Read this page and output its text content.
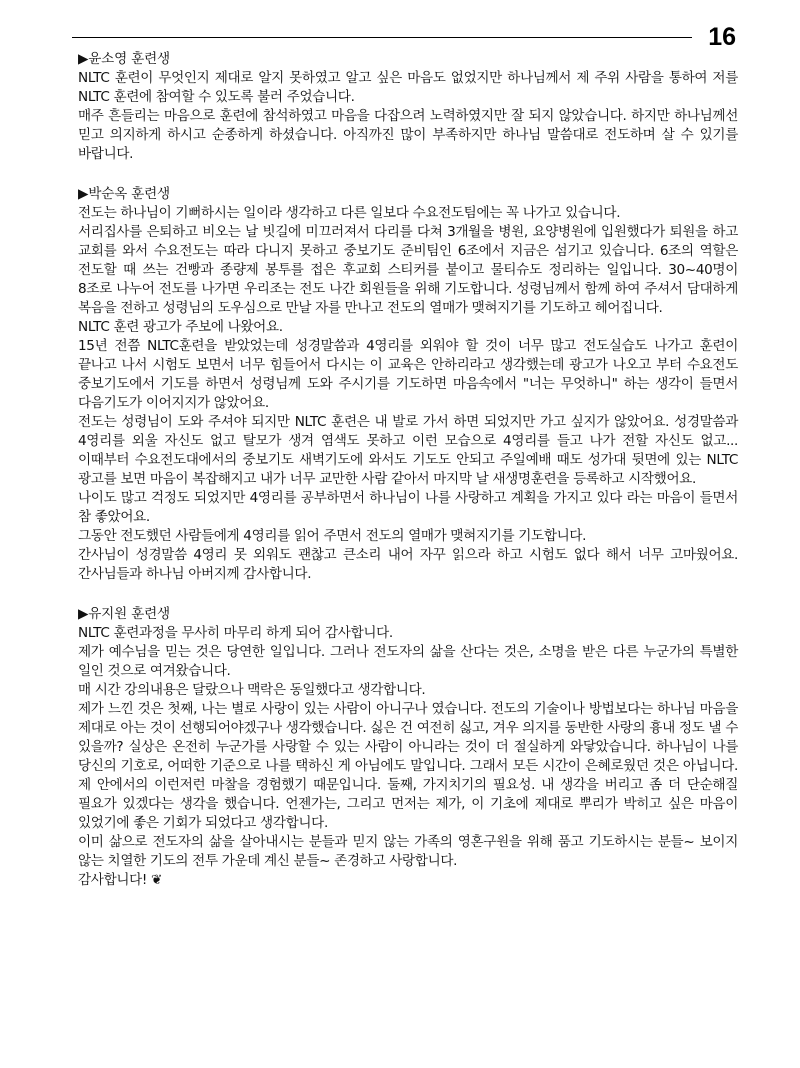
16

▶윤소영 훈련생

NLTC 훈련이 무엇인지 제대로 알지 못하였고 알고 싶은 마음도 없었지만 하나님께서 제 주위 사람을 통하여 저를 NLTC 훈련에 참여할 수 있도록 불러 주었습니다.

매주 흔들리는 마음으로 훈련에 참석하였고 마음을 다잡으려 노력하였지만 잘 되지 않았습니다. 하지만 하나님께선 믿고 의지하게 하시고 순종하게 하셨습니다. 아직까진 많이 부족하지만 하나님 말씀대로 전도하며 살 수 있기를 바랍니다.

▶박순옥 훈련생

전도는 하나님이 기뻐하시는 일이라 생각하고 다른 일보다 수요전도팀에는 꼭 나가고 있습니다.

서리집사를 은퇴하고 비오는 날 빗길에 미끄러져서 다리를 다쳐 3개월을 병원, 요양병원에 입원했다가 퇴원을 하고 교회를 와서 수요전도는 따라 다니지 못하고 중보기도 준비팀인 6조에서 지금은 섬기고 있습니다. 6조의 역할은 전도할 때 쓰는 건빵과 종량제 봉투를 접은 후교회 스티커를 붙이고 물티슈도 정리하는 일입니다. 30~40명이 8조로 나누어 전도를 나가면 우리조는 전도 나간 회원들을 위해 기도합니다. 성령님께서 함께 하여 주셔서 담대하게 복음을 전하고 성령님의 도우심으로 만날 자를 만나고 전도의 열매가 맺혀지기를 기도하고 헤어집니다.

NLTC 훈련 광고가 주보에 나왔어요.

15년 전쯤 NLTC훈련을 받았었는데 성경말씀과 4영리를 외워야 할 것이 너무 많고 전도실습도 나가고 훈련이 끝나고 나서 시험도 보면서 너무 힘들어서 다시는 이 교육은 안하리라고 생각했는데 광고가 나오고 부터 수요전도 중보기도에서 기도를 하면서 성령님께 도와 주시기를 기도하면 마음속에서 "너는 무엇하니" 하는 생각이 들면서 다음기도가 이어지지가 않았어요.

전도는 성령님이 도와 주셔야 되지만 NLTC 훈련은 내 발로 가서 하면 되었지만 가고 싶지가 않았어요. 성경말씀과 4영리를 외울 자신도 없고 탈모가 생겨 염색도 못하고 이런 모습으로 4영리를 들고 나가 전할 자신도 없고... 이때부터 수요전도대에서의 중보기도 새벽기도에 와서도 기도도 안되고 주일예배 때도 성가대 뒷면에 있는 NLTC 광고를 보면 마음이 복잡해지고 내가 너무 교만한 사람 같아서 마지막 날 새생명훈련을 등록하고 시작했어요.

나이도 많고 걱정도 되었지만 4영리를 공부하면서 하나님이 나를 사랑하고 계획을 가지고 있다 라는 마음이 들면서 참 좋았어요.

그동안 전도했던 사람들에게 4영리를 읽어 주면서 전도의 열매가 맺혀지기를 기도합니다.

간사님이 성경말씀 4영리 못 외워도 괜찮고 큰소리 내어 자꾸 읽으라 하고 시험도 없다 해서 너무 고마웠어요. 간사님들과 하나님 아버지께 감사합니다.

▶유지원 훈련생

NLTC 훈련과정을 무사히 마무리 하게 되어 감사합니다.

제가 예수님을 믿는 것은 당연한 일입니다. 그러나 전도자의 삶을 산다는 것은, 소명을 받은 다른 누군가의 특별한 일인 것으로 여겨왔습니다.

매 시간 강의내용은 달랐으나 맥락은 동일했다고 생각합니다.

제가 느낀 것은 첫째, 나는 별로 사랑이 있는 사람이 아니구나 였습니다. 전도의 기술이나 방법보다는 하나님 마음을 제대로 아는 것이 선행되어야겠구나 생각했습니다. 싫은 건 여전히 싫고, 겨우 의지를 동반한 사랑의 흉내 정도 낼 수 있을까? 실상은 온전히 누군가를 사랑할 수 있는 사람이 아니라는 것이 더 절실하게 와닿았습니다. 하나님이 나를 당신의 기호로, 어떠한 기준으로 나를 택하신 게 아님에도 말입니다. 그래서 모든 시간이 은혜로웠던 것은 아닙니다. 제 안에서의 이런저런 마찰을 경험했기 때문입니다. 둘째, 가지치기의 필요성. 내 생각을 버리고 좀 더 단순해질 필요가 있겠다는 생각을 했습니다. 언젠가는, 그리고 먼저는 제가, 이 기초에 제대로 뿌리가 박히고 싶은 마음이 있었기에 좋은 기회가 되었다고 생각합니다.

이미 삶으로 전도자의 삶을 살아내시는 분들과 믿지 않는 가족의 영혼구원을 위해 품고 기도하시는 분들~ 보이지 않는 치열한 기도의 전투 가운데 계신 분들~ 존경하고 사랑합니다.

감사합니다! ❦
